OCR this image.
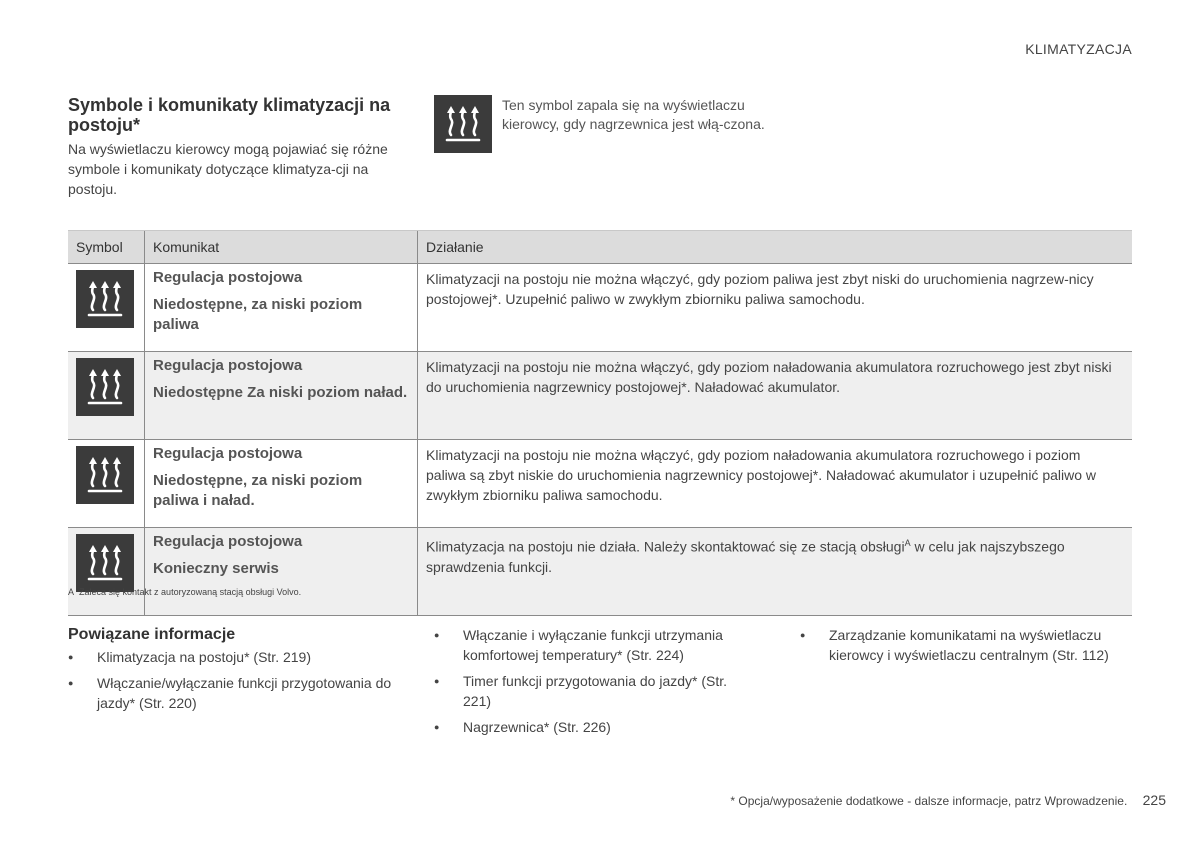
KLIMATYZACJA
Symbole i komunikaty klimatyzacji na postoju*

Na wyświetlaczu kierowcy mogą pojawiać się różne symbole i komunikaty dotyczące klimatyza-cji na postoju.

Ten symbol zapala się na wyświetlaczu kierowcy, gdy nagrzewnica jest włą-czona.
Symbol	Komunikat	Działanie

Regulacja postojowa
Niedostępne, za niski poziom paliwa	Klimatyzacji na postoju nie można włączyć, gdy poziom paliwa jest zbyt niski do uruchomienia nagrzew-nicy postojowej*. Uzupełnić paliwo w zwykłym zbiorniku paliwa samochodu.

Regulacja postojowa
Niedostępne Za niski poziom naład.	Klimatyzacji na postoju nie można włączyć, gdy poziom naładowania akumulatora rozruchowego jest zbyt niski do uruchomienia nagrzewnicy postojowej*. Naładować akumulator.

Regulacja postojowa
Niedostępne, za niski poziom paliwa i naład.	Klimatyzacji na postoju nie można włączyć, gdy poziom naładowania akumulatora rozruchowego i poziom paliwa są zbyt niskie do uruchomienia nagrzewnicy postojowej*. Naładować akumulator i uzupełnić paliwo w zwykłym zbiorniku paliwa samochodu.

Regulacja postojowa
Konieczny serwis	Klimatyzacja na postoju nie działa. Należy skontaktować się ze stacją obsługi$^A$ w celu jak najszybszego sprawdzenia funkcji.
A Zaleca się kontakt z autoryzowaną stacją obsługi Volvo.
Powiązane informacje
● Klimatyzacja na postoju* (Str. 219)
● Włączanie/wyłączanie funkcji przygotowania do jazdy* (Str. 220)
● Włączanie i wyłączanie funkcji utrzymania komfortowej temperatury* (Str. 224)
● Timer funkcji przygotowania do jazdy* (Str. 221)
● Nagrzewnica* (Str. 226)
● Zarządzanie komunikatami na wyświetlaczu kierowcy i wyświetlaczu centralnym (Str. 112)
* Opcja/wyposażenie dodatkowe - dalsze informacje, patrz Wprowadzenie. 225
